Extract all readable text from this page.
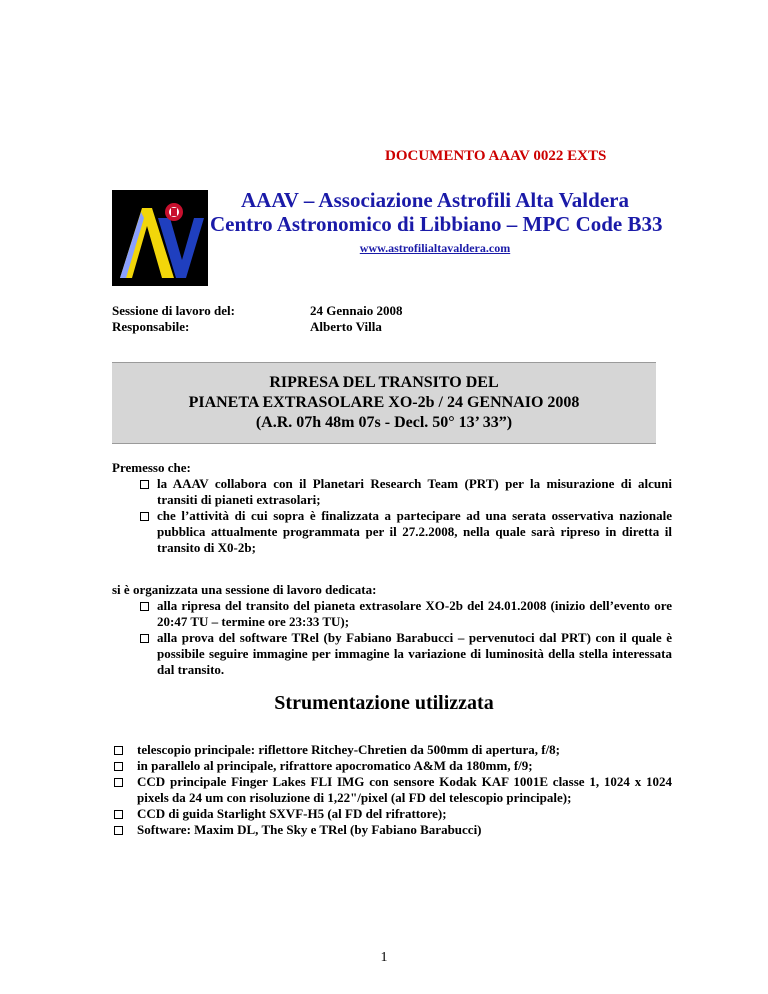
DOCUMENTO AAAV 0022 EXTS
AAAV – Associazione Astrofili Alta Valdera
Centro Astronomico di Libbiano – MPC Code B33
www.astrofilialtavaldera.com
Sessione di lavoro del:	24 Gennaio 2008
Responsabile:	Alberto Villa
RIPRESA DEL TRANSITO DEL
PIANETA EXTRASOLARE XO-2b / 24 GENNAIO 2008
(A.R. 07h 48m 07s - Decl. 50° 13’ 33”)
Premesso che:
la AAAV collabora con il Planetari Research Team (PRT) per la misurazione di alcuni transiti di pianeti extrasolari;
che l’attività di cui sopra è finalizzata a partecipare ad una serata osservativa nazionale pubblica attualmente programmata per il 27.2.2008, nella quale sarà ripreso in diretta il transito di X0-2b;
si è organizzata una sessione di lavoro dedicata:
alla ripresa del transito del pianeta extrasolare XO-2b del 24.01.2008 (inizio dell’evento ore 20:47 TU – termine ore 23:33 TU);
alla prova del software TRel (by Fabiano Barabucci – pervenutoci dal PRT) con il quale è possibile seguire immagine per immagine la variazione di luminosità della stella interessata dal transito.
Strumentazione utilizzata
telescopio principale: riflettore Ritchey-Chretien da 500mm di apertura, f/8;
in parallelo al principale, rifrattore apocromatico A&M da 180mm, f/9;
CCD principale Finger Lakes FLI IMG con sensore Kodak KAF 1001E classe 1, 1024 x 1024 pixels da 24 um con risoluzione di 1,22"/pixel (al FD del telescopio principale);
CCD di guida Starlight SXVF-H5 (al FD del rifrattore);
Software: Maxim DL, The Sky e TRel (by Fabiano Barabucci)
1
